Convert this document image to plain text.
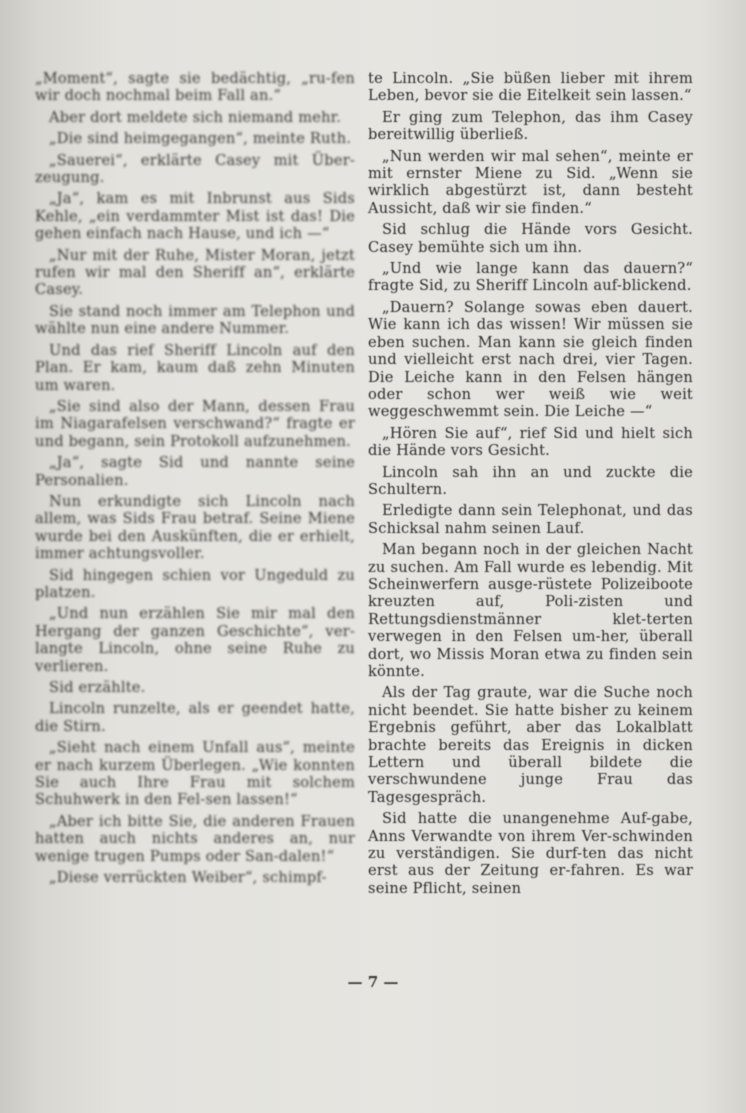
„Moment“, sagte sie bedächtig, „ru-fen wir doch nochmal beim Fall an.“

Aber dort meldete sich niemand mehr.

„Die sind heimgegangen“, meinte Ruth.

„Sauerei“, erklärte Casey mit Über-zeugung.

„Ja“, kam es mit Inbrunst aus Sids Kehle, „ein verdammter Mist ist das! Die gehen einfach nach Hause, und ich —“

„Nur mit der Ruhe, Mister Moran, jetzt rufen wir mal den Sheriff an“, erklärte Casey.

Sie stand noch immer am Telephon und wählte nun eine andere Nummer.

Und das rief Sheriff Lincoln auf den Plan. Er kam, kaum daß zehn Minuten um waren.

„Sie sind also der Mann, dessen Frau im Niagarafelsen verschwand?“ fragte er und begann, sein Protokoll aufzunehmen.

„Ja“, sagte Sid und nannte seine Personalien.

Nun erkundigte sich Lincoln nach allem, was Sids Frau betraf. Seine Miene wurde bei den Auskünften, die er erhielt, immer achtungsvoller.

Sid hingegen schien vor Ungeduld zu platzen.

„Und nun erzählen Sie mir mal den Hergang der ganzen Geschichte“, ver-langte Lincoln, ohne seine Ruhe zu verlieren.

Sid erzählte.

Lincoln runzelte, als er geendet hatte, die Stirn.

„Sieht nach einem Unfall aus“, meinte er nach kurzem Überlegen. „Wie konnten Sie auch Ihre Frau mit solchem Schuhwerk in den Fel-sen lassen!“

„Aber ich bitte Sie, die anderen Frauen hatten auch nichts anderes an, nur wenige trugen Pumps oder San-dalen!“

„Diese verrückten Weiber“, schimpf-

te Lincoln. „Sie büßen lieber mit ihrem Leben, bevor sie die Eitelkeit sein lassen.“

Er ging zum Telephon, das ihm Casey bereitwillig überließ.

„Nun werden wir mal sehen“, meinte er mit ernster Miene zu Sid. „Wenn sie wirklich abgestürzt ist, dann besteht Aussicht, daß wir sie finden.“

Sid schlug die Hände vors Gesicht. Casey bemühte sich um ihn.

„Und wie lange kann das dauern?“ fragte Sid, zu Sheriff Lincoln auf-blickend.

„Dauern? Solange sowas eben dauert. Wie kann ich das wissen! Wir müssen sie eben suchen. Man kann sie gleich finden und vielleicht erst nach drei, vier Tagen. Die Leiche kann in den Felsen hängen oder schon wer weiß wie weit weggeschwemmt sein. Die Leiche —“

„Hören Sie auf“, rief Sid und hielt sich die Hände vors Gesicht.

Lincoln sah ihn an und zuckte die Schultern.

Erledigte dann sein Telephonat, und das Schicksal nahm seinen Lauf.

Man begann noch in der gleichen Nacht zu suchen. Am Fall wurde es lebendig. Mit Scheinwerfern ausge-rüstete Polizeiboote kreuzten auf, Poli-zisten und Rettungsdienstmänner klet-terten verwegen in den Felsen um-her, überall dort, wo Missis Moran etwa zu finden sein könnte.

Als der Tag graute, war die Suche noch nicht beendet. Sie hatte bisher zu keinem Ergebnis geführt, aber das Lokalblatt brachte bereits das Ereignis in dicken Lettern und überall bildete die verschwundene junge Frau das Tagesgespräch.

Sid hatte die unangenehme Auf-gabe, Anns Verwandte von ihrem Ver-schwinden zu verständigen. Sie durf-ten das nicht erst aus der Zeitung er-fahren. Es war seine Pflicht, seinen

— 7 —
